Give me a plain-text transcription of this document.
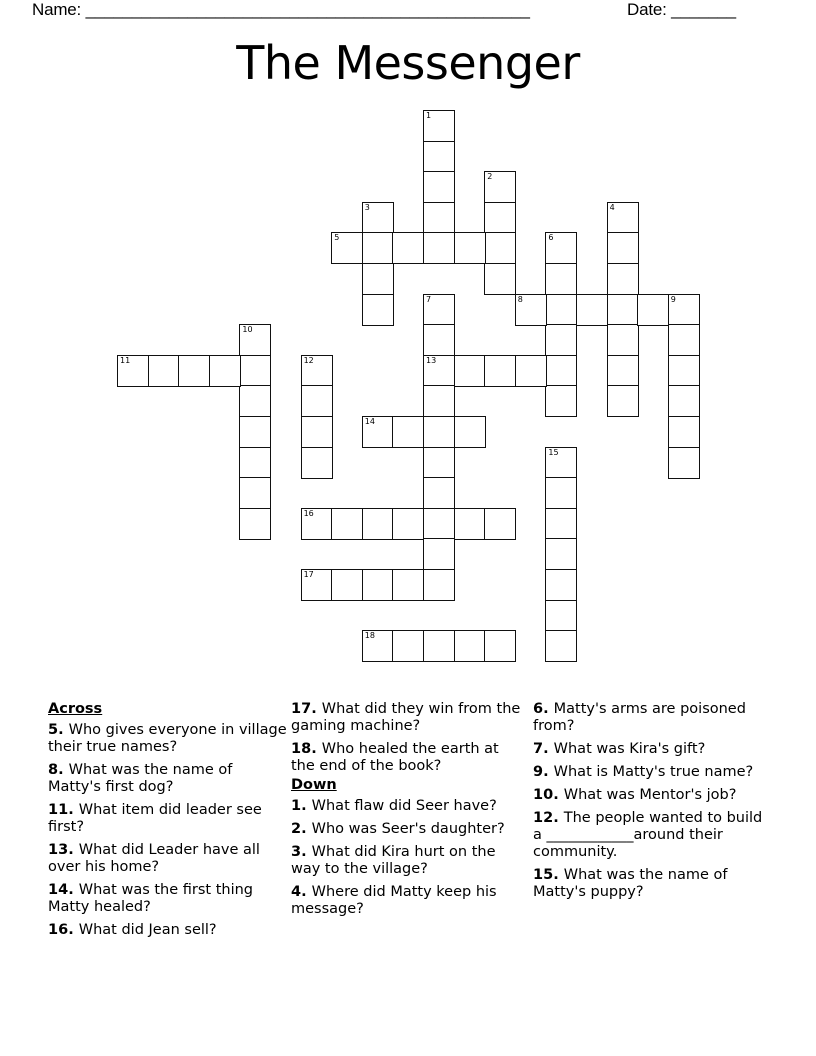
Name: ________________________________________________	Date: _______
The Messenger
1
2
3	4
5	6
7
13
8	9
10
11	12
14
15
16
17
18
Across
5. Who gives everyone in village their true names?
8. What was the name of Matty's first dog?
11. What item did leader see first?
13. What did Leader have all over his home?
14. What was the first thing Matty healed?
16. What did Jean sell?
17. What did they win from the gaming machine?
18. Who healed the earth at the end of the book?
Down
1. What flaw did Seer have?
2. Who was Seer's daughter?
3. What did Kira hurt on the way to the village?
4. Where did Matty keep his message?
6. Matty's arms are poisoned from?
7. What was Kira's gift?
9. What is Matty's true name?
10. What was Mentor's job?
12. The people wanted to build a ____________around their community.
15. What was the name of Matty's puppy?
